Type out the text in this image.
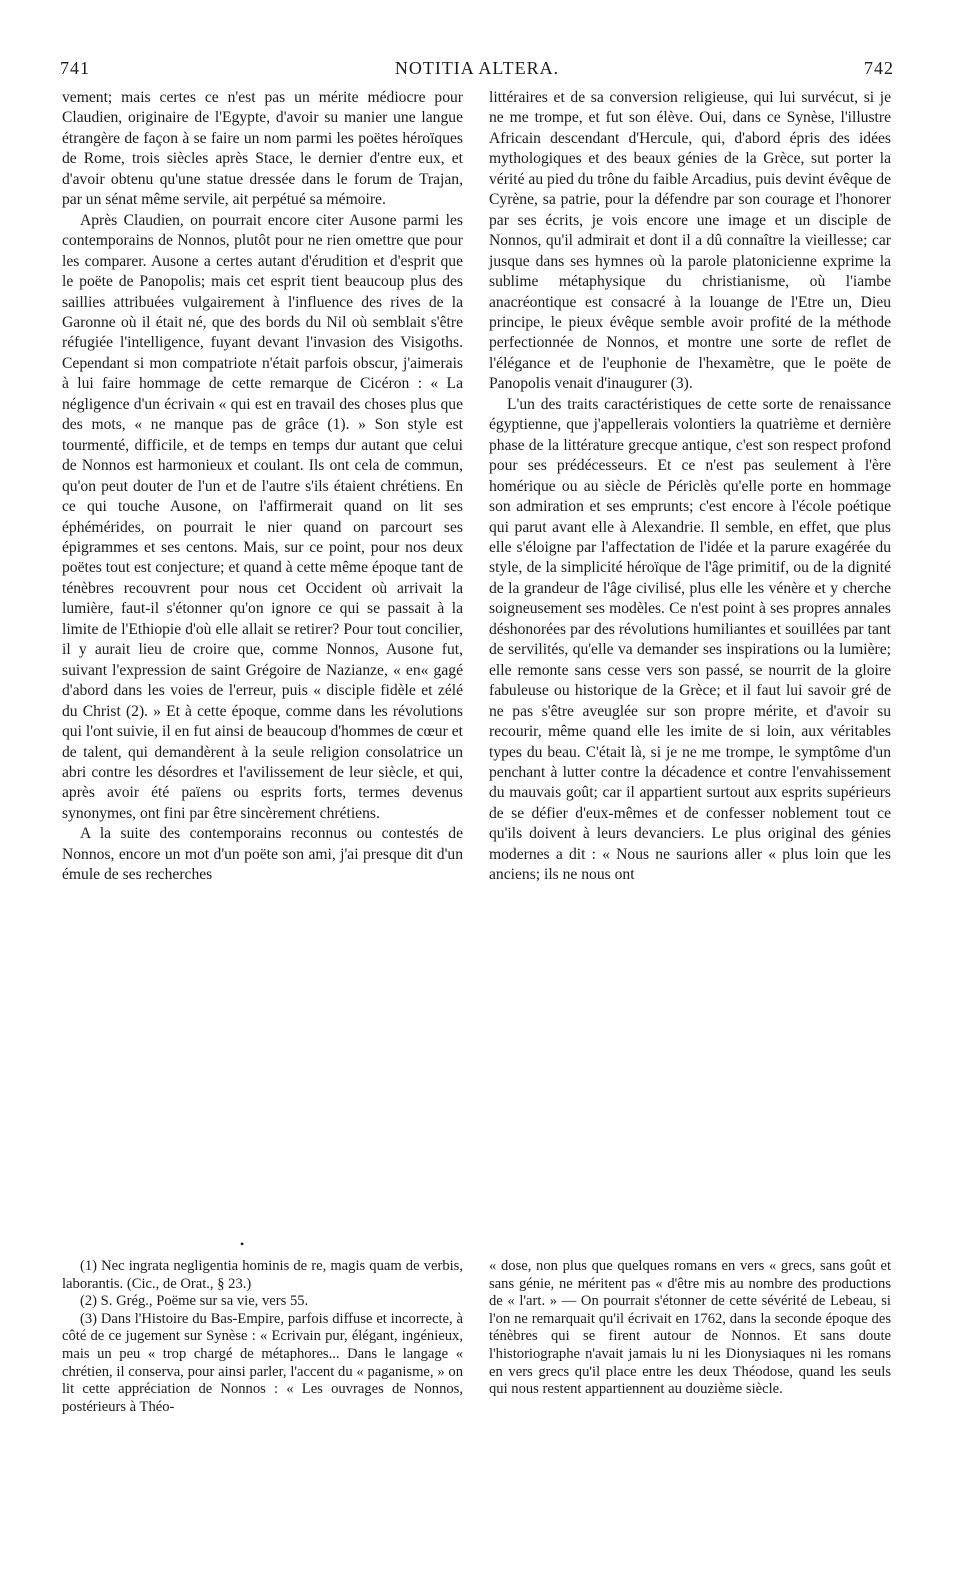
741	NOTITIA ALTERA.	742

vement; mais certes ce n'est pas un mérite médiocre pour Claudien, originaire de l'Egypte, d'avoir su manier une langue étrangère de façon à se faire un nom parmi les poëtes héroïques de Rome, trois siècles après Stace, le dernier d'entre eux, et d'avoir obtenu qu'une statue dressée dans le forum de Trajan, par un sénat même servile, ait perpétué sa mémoire.

Après Claudien, on pourrait encore citer Ausone parmi les contemporains de Nonnos, plutôt pour ne rien omettre que pour les comparer. Ausone a certes autant d'érudition et d'esprit que le poëte de Panopolis; mais cet esprit tient beaucoup plus des saillies attribuées vulgairement à l'influence des rives de la Garonne où il était né, que des bords du Nil où semblait s'être réfugiée l'intelligence, fuyant devant l'invasion des Visigoths. Cependant si mon compatriote n'était parfois obscur, j'aimerais à lui faire hommage de cette remarque de Cicéron : « La négligence d'un écrivain « qui est en travail des choses plus que des mots, « ne manque pas de grâce (1). » Son style est tourmenté, difficile, et de temps en temps dur autant que celui de Nonnos est harmonieux et coulant. Ils ont cela de commun, qu'on peut douter de l'un et de l'autre s'ils étaient chrétiens. En ce qui touche Ausone, on l'affirmerait quand on lit ses éphémérides, on pourrait le nier quand on parcourt ses épigrammes et ses centons. Mais, sur ce point, pour nos deux poëtes tout est conjecture; et quand à cette même époque tant de ténèbres recouvrent pour nous cet Occident où arrivait la lumière, faut-il s'étonner qu'on ignore ce qui se passait à la limite de l'Ethiopie d'où elle allait se retirer? Pour tout concilier, il y aurait lieu de croire que, comme Nonnos, Ausone fut, suivant l'expression de saint Grégoire de Nazianze, « en« gagé d'abord dans les voies de l'erreur, puis « disciple fidèle et zélé du Christ (2). » Et à cette époque, comme dans les révolutions qui l'ont suivie, il en fut ainsi de beaucoup d'hommes de cœur et de talent, qui demandèrent à la seule religion consolatrice un abri contre les désordres et l'avilissement de leur siècle, et qui, après avoir été païens ou esprits forts, termes devenus synonymes, ont fini par être sincèrement chrétiens.

A la suite des contemporains reconnus ou contestés de Nonnos, encore un mot d'un poëte son ami, j'ai presque dit d'un émule de ses recherches

littéraires et de sa conversion religieuse, qui lui survécut, si je ne me trompe, et fut son élève. Oui, dans ce Synèse, l'illustre Africain descendant d'Hercule, qui, d'abord épris des idées mythologiques et des beaux génies de la Grèce, sut porter la vérité au pied du trône du faible Arcadius, puis devint évêque de Cyrène, sa patrie, pour la défendre par son courage et l'honorer par ses écrits, je vois encore une image et un disciple de Nonnos, qu'il admirait et dont il a dû connaître la vieillesse; car jusque dans ses hymnes où la parole platonicienne exprime la sublime métaphysique du christianisme, où l'iambe anacréontique est consacré à la louange de l'Etre un, Dieu principe, le pieux évêque semble avoir profité de la méthode perfectionnée de Nonnos, et montre une sorte de reflet de l'élégance et de l'euphonie de l'hexamètre, que le poëte de Panopolis venait d'inaugurer (3).

L'un des traits caractéristiques de cette sorte de renaissance égyptienne, que j'appellerais volontiers la quatrième et dernière phase de la littérature grecque antique, c'est son respect profond pour ses prédécesseurs. Et ce n'est pas seulement à l'ère homérique ou au siècle de Périclès qu'elle porte en hommage son admiration et ses emprunts; c'est encore à l'école poétique qui parut avant elle à Alexandrie. Il semble, en effet, que plus elle s'éloigne par l'affectation de l'idée et la parure exagérée du style, de la simplicité héroïque de l'âge primitif, ou de la dignité de la grandeur de l'âge civilisé, plus elle les vénère et y cherche soigneusement ses modèles. Ce n'est point à ses propres annales déshonorées par des révolutions humiliantes et souillées par tant de servilités, qu'elle va demander ses inspirations ou la lumière; elle remonte sans cesse vers son passé, se nourrit de la gloire fabuleuse ou historique de la Grèce; et il faut lui savoir gré de ne pas s'être aveuglée sur son propre mérite, et d'avoir su recourir, même quand elle les imite de si loin, aux véritables types du beau. C'était là, si je ne me trompe, le symptôme d'un penchant à lutter contre la décadence et contre l'envahissement du mauvais goût; car il appartient surtout aux esprits supérieurs de se défier d'eux-mêmes et de confesser noblement tout ce qu'ils doivent à leurs devanciers. Le plus original des génies modernes a dit : « Nous ne saurions aller « plus loin que les anciens; ils ne nous ont

•

(1) Nec ingrata negligentia hominis de re, magis quam de verbis, laborantis. (Cic., de Orat., § 23.)

(2) S. Grég., Poëme sur sa vie, vers 55.

(3) Dans l'Histoire du Bas-Empire, parfois diffuse et incorrecte, à côté de ce jugement sur Synèse : « Ecrivain pur, élégant, ingénieux, mais un peu « trop chargé de métaphores... Dans le langage « chrétien, il conserva, pour ainsi parler, l'accent du « paganisme, » on lit cette appréciation de Nonnos : « Les ouvrages de Nonnos, postérieurs à Théo-

« dose, non plus que quelques romans en vers « grecs, sans goût et sans génie, ne méritent pas « d'être mis au nombre des productions de « l'art. » — On pourrait s'étonner de cette sévérité de Lebeau, si l'on ne remarquait qu'il écrivait en 1762, dans la seconde époque des ténèbres qui se firent autour de Nonnos. Et sans doute l'historiographe n'avait jamais lu ni les Dionysiaques ni les romans en vers grecs qu'il place entre les deux Théodose, quand les seuls qui nous restent appartiennent au douzième siècle.
